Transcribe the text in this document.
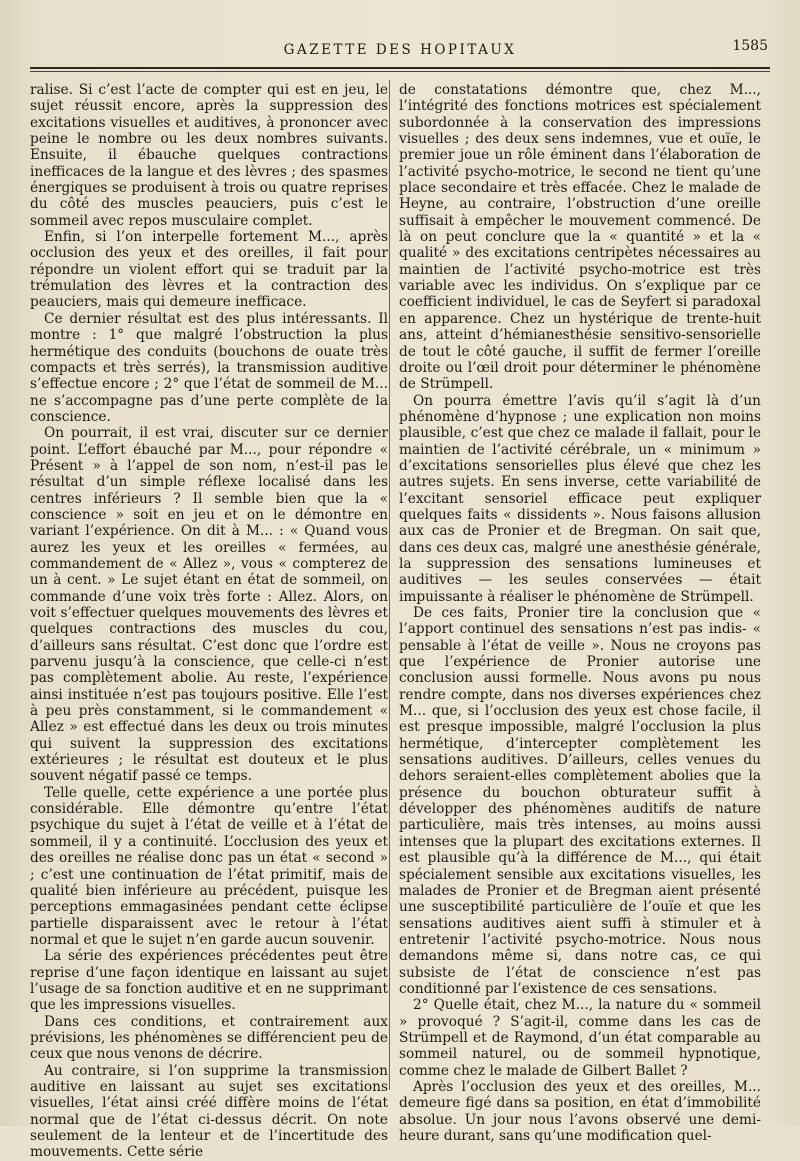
GAZETTE DES HOPITAUX	1585

ralise. Si c’est l’acte de compter qui est en jeu, le sujet réussit encore, après la suppression des excitations visuelles et auditives, à prononcer avec peine le nombre ou les deux nombres suivants. Ensuite, il ébauche quelques contractions inefficaces de la langue et des lèvres ; des spasmes énergiques se produisent à trois ou quatre reprises du côté des muscles peauciers, puis c’est le sommeil avec repos musculaire complet.

Enfin, si l’on interpelle fortement M..., après occlusion des yeux et des oreilles, il fait pour répondre un violent effort qui se traduit par la trémulation des lèvres et la contraction des peauciers, mais qui demeure inefficace.

Ce dernier résultat est des plus intéressants. Il montre : 1° que malgré l’obstruction la plus hermétique des conduits (bouchons de ouate très compacts et très serrés), la transmission auditive s’effectue encore ; 2° que l’état de sommeil de M... ne s’accompagne pas d’une perte complète de la conscience.

On pourrait, il est vrai, discuter sur ce dernier point. L’effort ébauché par M..., pour répondre « Présent » à l’appel de son nom, n’est-il pas le résultat d’un simple réflexe localisé dans les centres inférieurs ? Il semble bien que la « conscience » soit en jeu et on le démontre en variant l’expérience. On dit à M... : « Quand vous aurez les yeux et les oreilles « fermées, au commandement de « Allez », vous « compterez de un à cent. » Le sujet étant en état de sommeil, on commande d’une voix très forte : Allez. Alors, on voit s’effectuer quelques mouvements des lèvres et quelques contractions des muscles du cou, d’ailleurs sans résultat. C’est donc que l’ordre est parvenu jusqu’à la conscience, que celle-ci n’est pas complètement abolie. Au reste, l’expérience ainsi instituée n’est pas toujours positive. Elle l’est à peu près constamment, si le commandement « Allez » est effectué dans les deux ou trois minutes qui suivent la suppression des excitations extérieures ; le résultat est douteux et le plus souvent négatif passé ce temps.

Telle quelle, cette expérience a une portée plus considérable. Elle démontre qu’entre l’état psychique du sujet à l’état de veille et à l’état de sommeil, il y a continuité. L’occlusion des yeux et des oreilles ne réalise donc pas un état « second » ; c’est une continuation de l’état primitif, mais de qualité bien inférieure au précédent, puisque les perceptions emmagasinées pendant cette éclipse partielle disparaissent avec le retour à l’état normal et que le sujet n’en garde aucun souvenir.

La série des expériences précédentes peut être reprise d’une façon identique en laissant au sujet l’usage de sa fonction auditive et en ne supprimant que les impressions visuelles.

Dans ces conditions, et contrairement aux prévisions, les phénomènes se différencient peu de ceux que nous venons de décrire.

Au contraire, si l’on supprime la transmission auditive en laissant au sujet ses excitations visuelles, l’état ainsi créé diffère moins de l’état normal que de l’état ci-dessus décrit. On note seulement de la lenteur et de l’incertitude des mouvements. Cette série

de constatations démontre que, chez M..., l’intégrité des fonctions motrices est spécialement subordonnée à la conservation des impressions visuelles ; des deux sens indemnes, vue et ouïe, le premier joue un rôle éminent dans l’élaboration de l’activité psycho-motrice, le second ne tient qu’une place secondaire et très effacée. Chez le malade de Heyne, au contraire, l’obstruction d’une oreille suffisait à empêcher le mouvement commencé. De là on peut conclure que la « quantité » et la « qualité » des excitations centripètes nécessaires au maintien de l’activité psycho-motrice est très variable avec les individus. On s’explique par ce coefficient individuel, le cas de Seyfert si paradoxal en apparence. Chez un hystérique de trente-huit ans, atteint d’hémianesthésie sensitivo-sensorielle de tout le côté gauche, il suffit de fermer l’oreille droite ou l’œil droit pour déterminer le phénomène de Strümpell.

On pourra émettre l’avis qu’il s’agit là d’un phénomène d’hypnose ; une explication non moins plausible, c’est que chez ce malade il fallait, pour le maintien de l’activité cérébrale, un « minimum » d’excitations sensorielles plus élevé que chez les autres sujets. En sens inverse, cette variabilité de l’excitant sensoriel efficace peut expliquer quelques faits « dissidents ». Nous faisons allusion aux cas de Pronier et de Bregman. On sait que, dans ces deux cas, malgré une anesthésie générale, la suppression des sensations lumineuses et auditives — les seules conservées — était impuissante à réaliser le phénomène de Strümpell.

De ces faits, Pronier tire la conclusion que « l’apport continuel des sensations n’est pas indis- « pensable à l’état de veille ». Nous ne croyons pas que l’expérience de Pronier autorise une conclusion aussi formelle. Nous avons pu nous rendre compte, dans nos diverses expériences chez M... que, si l’occlusion des yeux est chose facile, il est presque impossible, malgré l’occlusion la plus hermétique, d’intercepter complètement les sensations auditives. D’ailleurs, celles venues du dehors seraient-elles complètement abolies que la présence du bouchon obturateur suffit à développer des phénomènes auditifs de nature particulière, mais très intenses, au moins aussi intenses que la plupart des excitations externes. Il est plausible qu’à la différence de M..., qui était spécialement sensible aux excitations visuelles, les malades de Pronier et de Bregman aient présenté une susceptibilité particulière de l’ouïe et que les sensations auditives aient suffi à stimuler et à entretenir l’activité psycho-motrice. Nous nous demandons même si, dans notre cas, ce qui subsiste de l’état de conscience n’est pas conditionné par l’existence de ces sensations.

2° Quelle était, chez M..., la nature du « sommeil » provoqué ? S’agit-il, comme dans les cas de Strümpell et de Raymond, d’un état comparable au sommeil naturel, ou de sommeil hypnotique, comme chez le malade de Gilbert Ballet ?

Après l’occlusion des yeux et des oreilles, M... demeure figé dans sa position, en état d’immobilité absolue. Un jour nous l’avons observé une demi-heure durant, sans qu’une modification quel-
